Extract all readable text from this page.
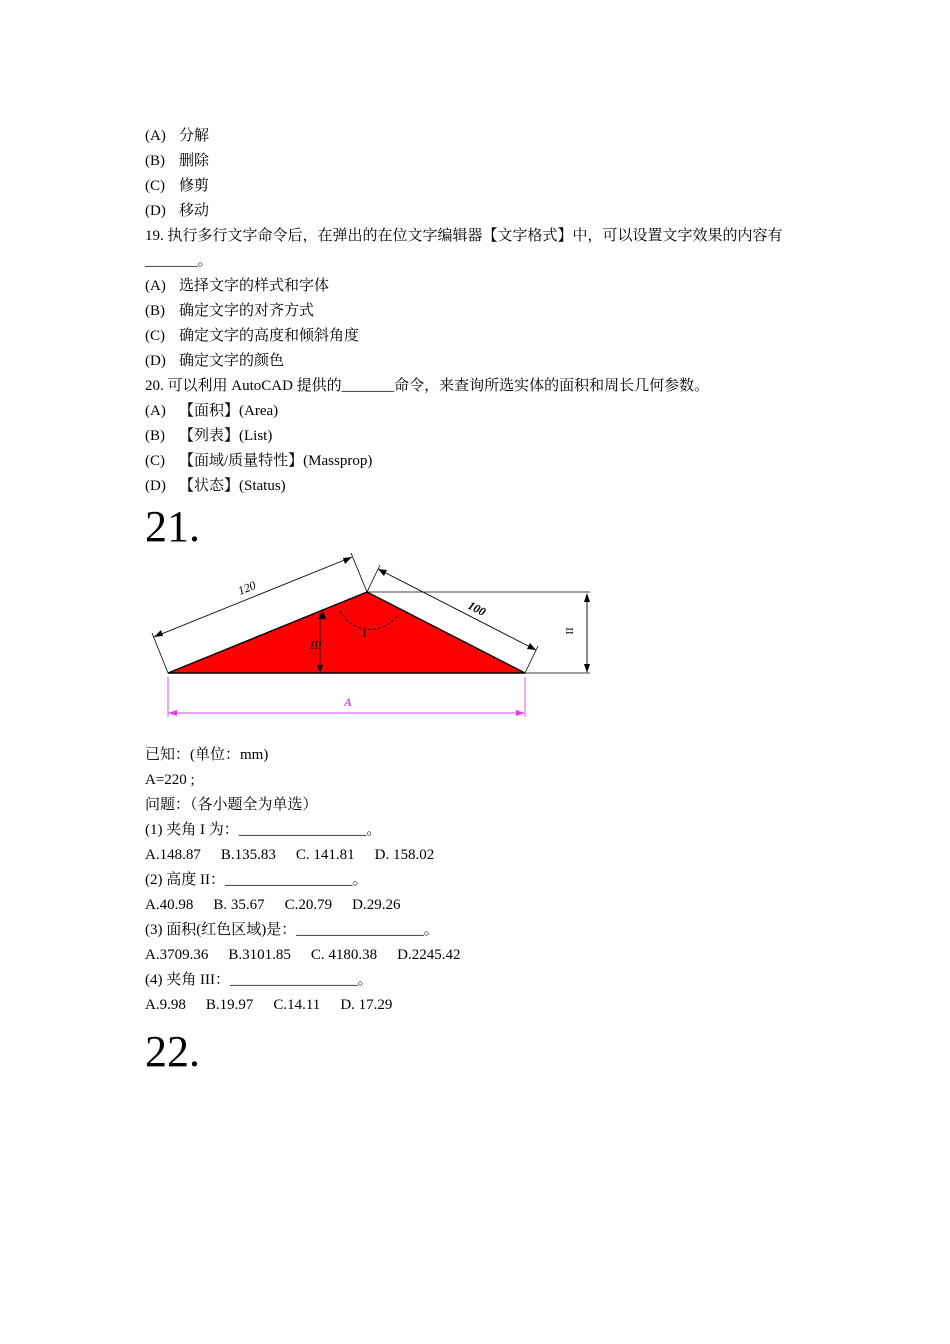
(A) 分解
(B) 删除
(C) 修剪
(D) 移动
19. 执行多行文字命令后，在弹出的在位文字编辑器【文字格式】中，可以设置文字效果的内容有_______。
(A) 选择文字的样式和字体
(B) 确定文字的对齐方式
(C) 确定文字的高度和倾斜角度
(D) 确定文字的颜色
20. 可以利用 AutoCAD 提供的_______命令，来查询所选实体的面积和周长几何参数。
(A) 【面积】(Area)
(B) 【列表】(List)
(C) 【面域/质量特性】(Massprop)
(D) 【状态】(Status)
21.
II
120
100
I
III
A
已知：(单位：mm)
A=220 ;
问题：（各小题全为单选）
(1) 夹角 I 为：_________________。
A.148.87 B.135.83 C. 141.81 D. 158.02
(2) 高度 II：_________________。
A.40.98 B. 35.67 C.20.79 D.29.26
(3) 面积(红色区域)是：_________________。
A.3709.36 B.3101.85 C. 4180.38 D.2245.42
(4) 夹角 III：_________________。
A.9.98 B.19.97 C.14.11 D. 17.29
22.
